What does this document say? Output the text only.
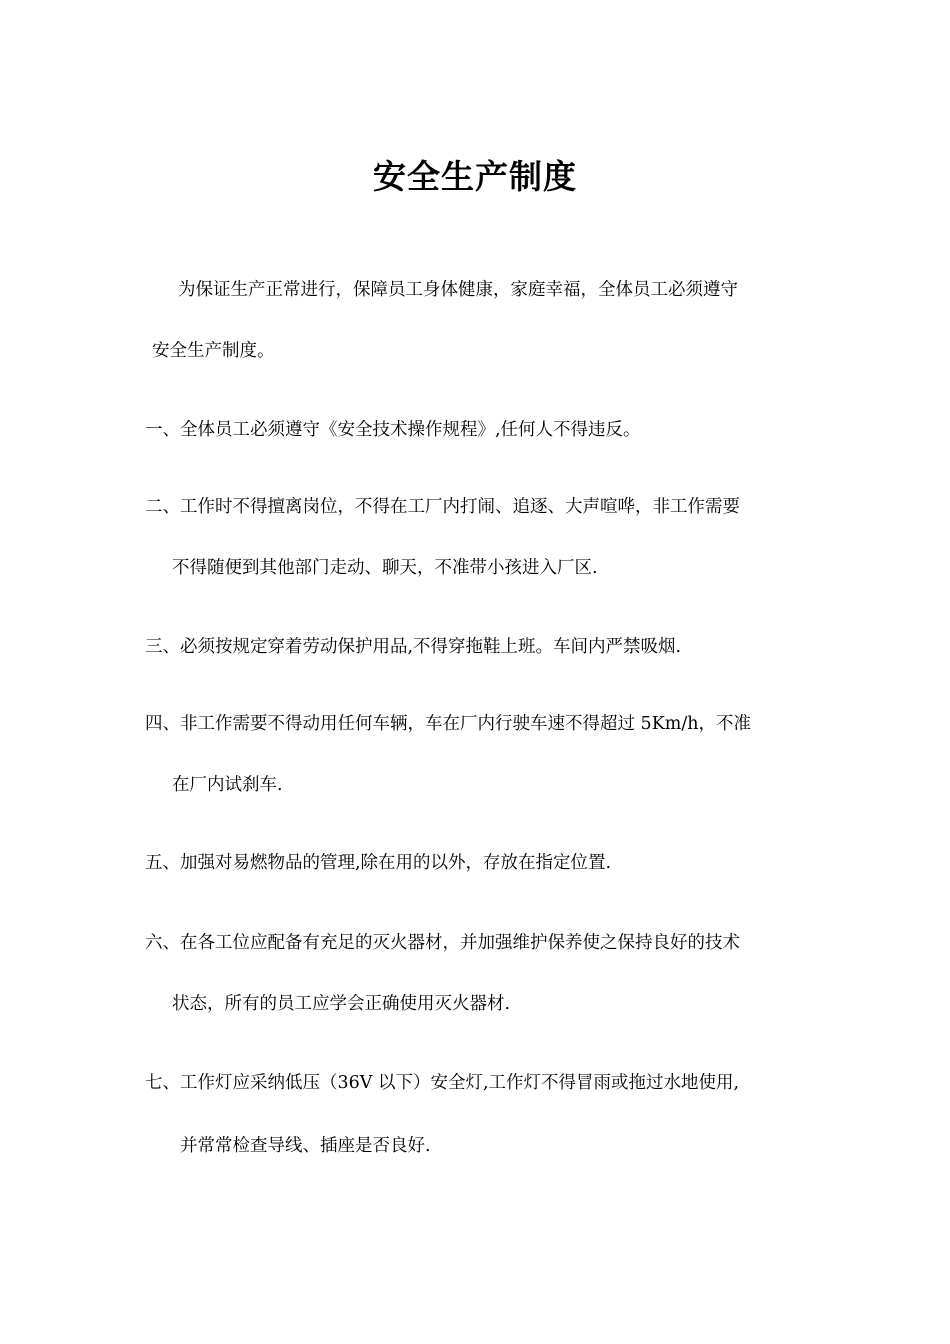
安全生产制度

为保证生产正常进行，保障员工身体健康，家庭幸福，全体员工必须遵守

安全生产制度。

一、全体员工必须遵守《安全技术操作规程》,任何人不得违反。

二、工作时不得擅离岗位，不得在工厂内打闹、追逐、大声喧哗，非工作需要

不得随便到其他部门走动、聊天，不准带小孩进入厂区.

三、必须按规定穿着劳动保护用品,不得穿拖鞋上班。车间内严禁吸烟.

四、非工作需要不得动用任何车辆，车在厂内行驶车速不得超过 5Km/h，不准

在厂内试刹车.

五、加强对易燃物品的管理,除在用的以外，存放在指定位置.

六、在各工位应配备有充足的灭火器材，并加强维护保养使之保持良好的技术

状态，所有的员工应学会正确使用灭火器材.

七、工作灯应采纳低压（36V 以下）安全灯,工作灯不得冒雨或拖过水地使用,

并常常检查导线、插座是否良好.
